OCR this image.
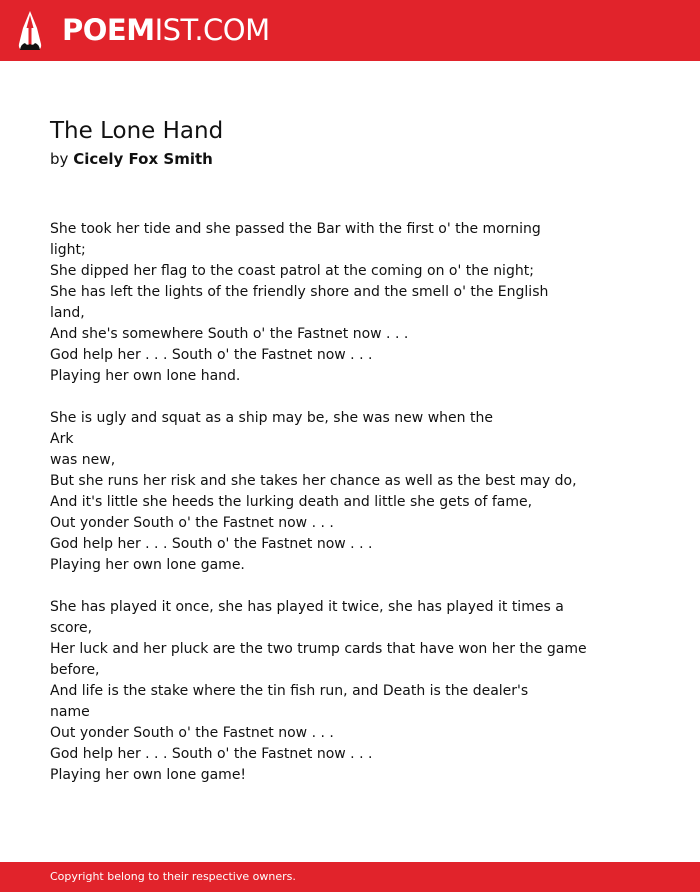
POEMIST.COM
The Lone Hand
by Cicely Fox Smith
She took her tide and she passed the Bar with the first o' the morning
light;
She dipped her flag to the coast patrol at the coming on o' the night;
She has left the lights of the friendly shore and the smell o' the English
land,
And she's somewhere South o' the Fastnet now . . .
God help her . . . South o' the Fastnet now . . .
Playing her own lone hand.
She is ugly and squat as a ship may be, she was new when the
Ark
was new,
But she runs her risk and she takes her chance as well as the best may do,
And it's little she heeds the lurking death and little she gets of fame,
Out yonder South o' the Fastnet now . . .
God help her . . . South o' the Fastnet now . . .
Playing her own lone game.
She has played it once, she has played it twice, she has played it times a
score,
Her luck and her pluck are the two trump cards that have won her the game
before,
And life is the stake where the tin fish run, and Death is the dealer's
name
Out yonder South o' the Fastnet now . . .
God help her . . . South o' the Fastnet now . . .
Playing her own lone game!
Copyright belong to their respective owners.
